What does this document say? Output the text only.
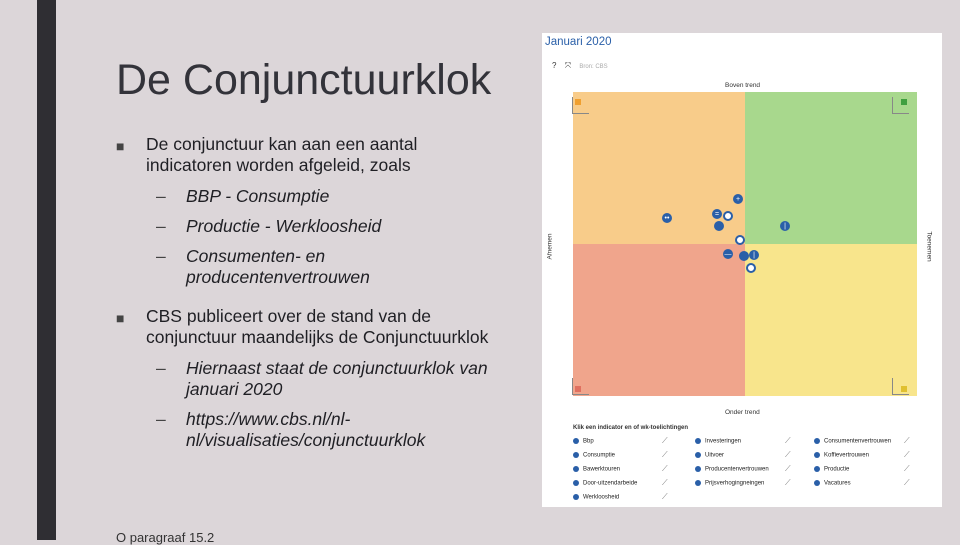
De Conjunctuurklok
■ De conjunctuur kan aan een aantal indicatoren worden afgeleid, zoals
– BBP - Consumptie
– Productie - Werkloosheid
– Consumenten- en producentenvertrouwen
■ CBS publiceert over de stand van de conjunctuur maandelijks de Conjunctuurklok
– Hiernaast staat de conjunctuurklok van januari 2020
– https://www.cbs.nl/nl-nl/visualisaties/conjunctuurklok
O paragraaf 15.2
Januari 2020
? ⤧ Bron: CBS
Boven trend
Onder trend
Afnemen	Toenemen
••
+
=
|
—	|
Klik een indicator en of wk-toelichtingen
Bbp	Investeringen	Consumentenvertrouwen
Consumptie	Uitvoer	Koffievertrouwen
Bawerktouren	Producentenvertrouwen	Productie
Door-uitzendarbeide	Prijsverhogingneingen	Vacatures
Werkloosheid
⟋	⟋	⟋
⟋	⟋	⟋
⟋	⟋	⟋
⟋	⟋	⟋
⟋
